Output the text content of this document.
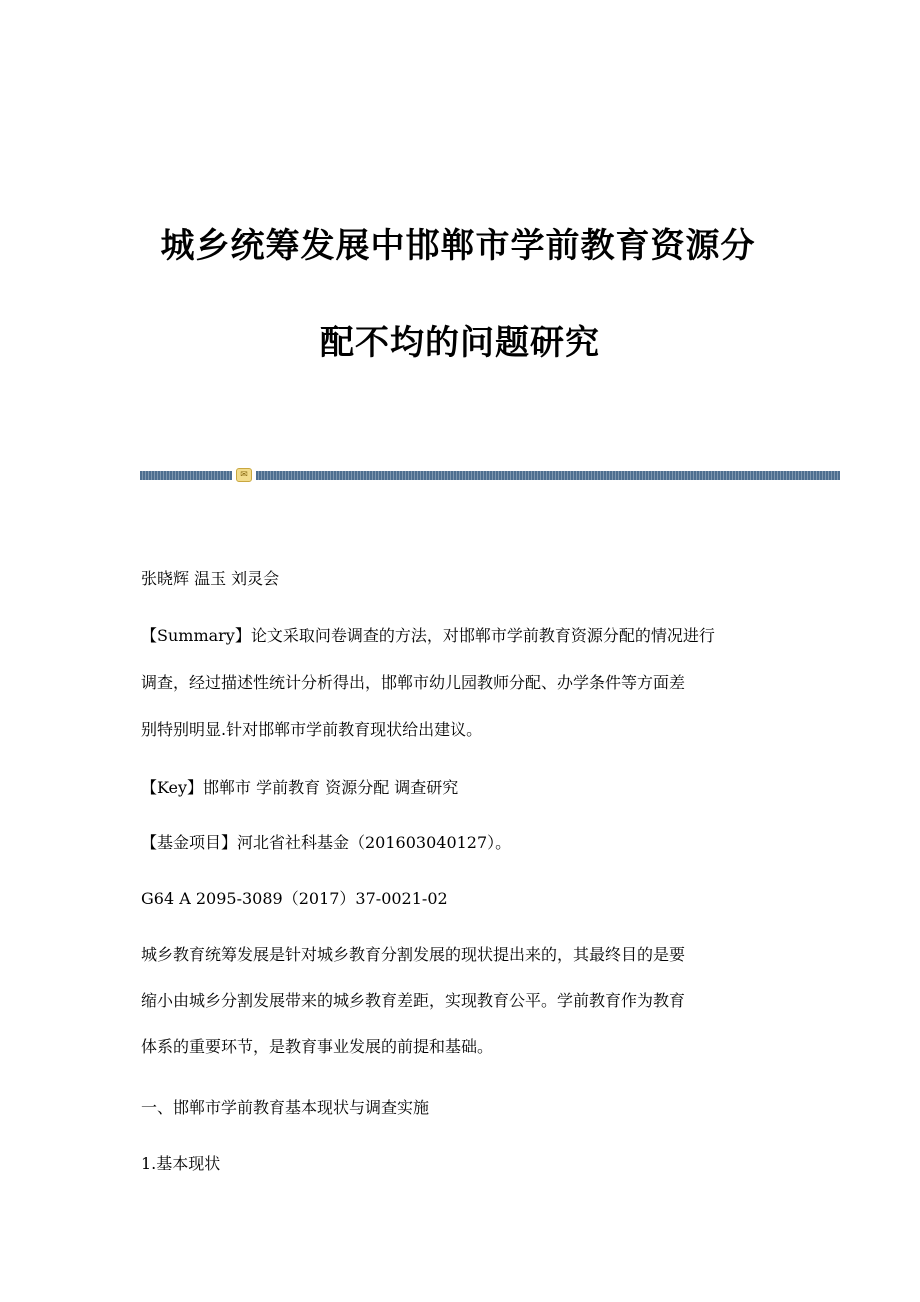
城乡统筹发展中邯郸市学前教育资源分
配不均的问题研究
✉
张晓辉 温玉 刘灵会
【Summary】论文采取问卷调查的方法，对邯郸市学前教育资源分配的情况进行
调查，经过描述性统计分析得出，邯郸市幼儿园教师分配、办学条件等方面差
别特别明显.针对邯郸市学前教育现状给出建议。
【Key】邯郸市 学前教育 资源分配 调查研究
【基金项目】河北省社科基金（201603040127）。
G64 A 2095-3089（2017）37-0021-02
城乡教育统筹发展是针对城乡教育分割发展的现状提出来的，其最终目的是要
缩小由城乡分割发展带来的城乡教育差距，实现教育公平。学前教育作为教育
体系的重要环节，是教育事业发展的前提和基础。
一、邯郸市学前教育基本现状与调查实施
1.基本现状
